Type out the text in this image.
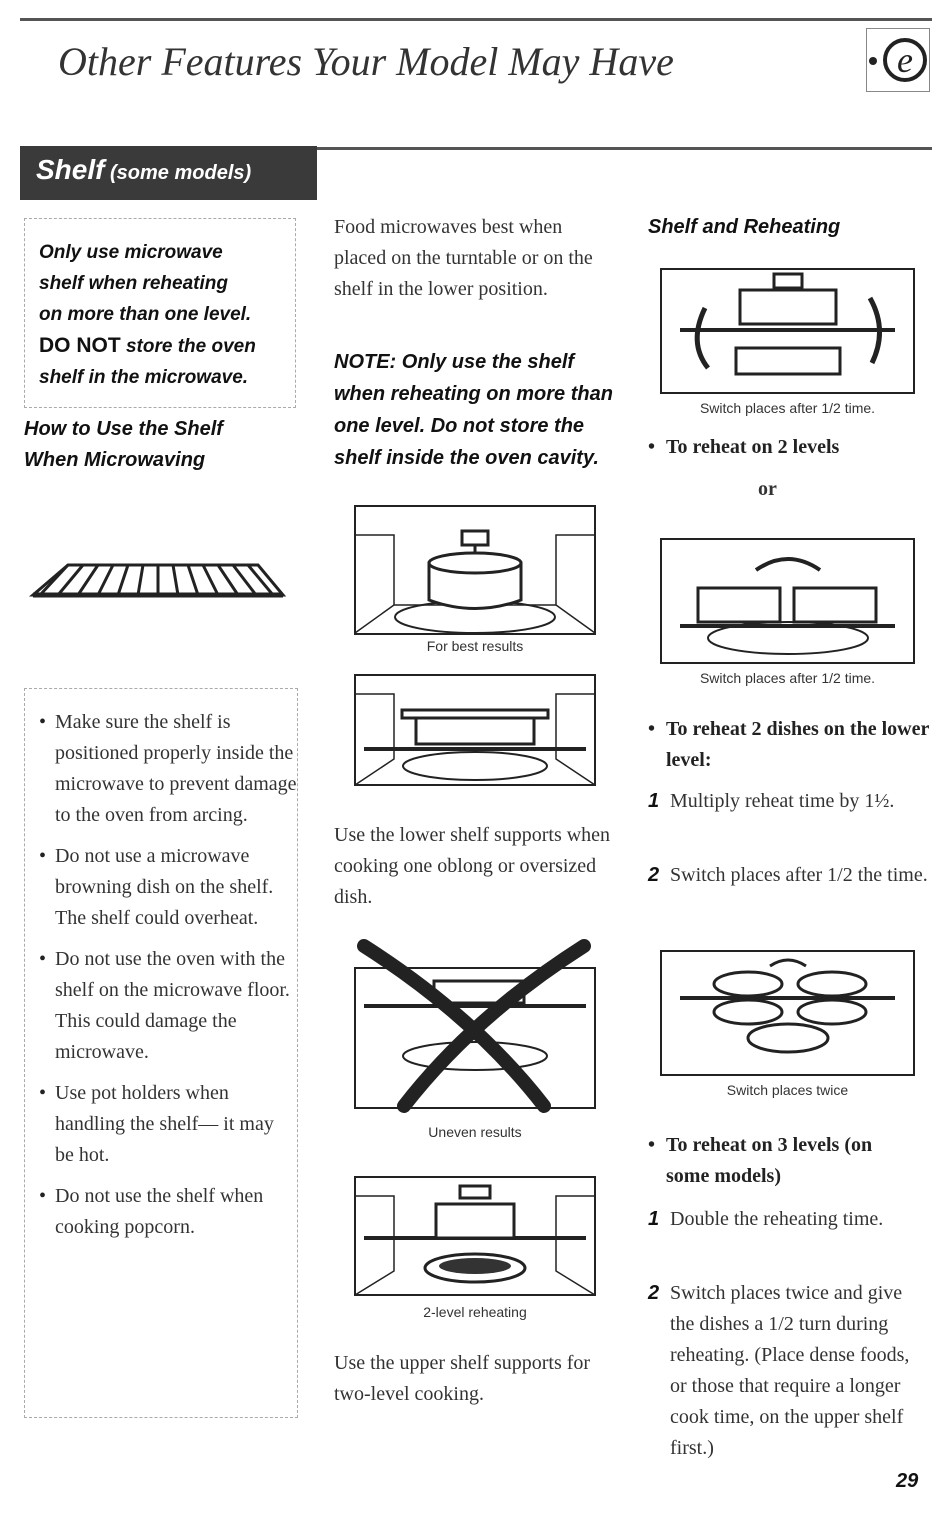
Other Features Your Model May Have	e
Shelf (some models)

Only use microwave

shelf when reheating

on more than one level.

DO NOT store the oven

shelf in the microwave.

How to Use the Shelf
When Microwaving
• Make sure the shelf is positioned properly inside the microwave to prevent damage to the oven from arcing.
• Do not use a microwave browning dish on the shelf. The shelf could overheat.
• Do not use the oven with the shelf on the microwave floor. This could damage the microwave.
• Use pot holders when handling the shelf— it may be hot.
• Do not use the shelf when cooking popcorn.
Food microwaves best when placed on the turntable or on the shelf in the lower position.
NOTE: Only use the shelf when reheating on more than one level. Do not store the shelf inside the oven cavity.
For best results
Use the lower shelf supports when cooking one oblong or oversized dish.
Uneven results
2-level reheating
Use the upper shelf supports for two-level cooking.
Shelf and Reheating
Switch places after 1/2 time.
• To reheat on 2 levels
or
Switch places after 1/2 time.
• To reheat 2 dishes on the lower level:
1 Multiply reheat time by 1½.
2 Switch places after 1/2 the time.
Switch places twice
• To reheat on 3 levels (on some models)
1 Double the reheating time.
2 Switch places twice and give the dishes a 1/2 turn during reheating. (Place dense foods, or those that require a longer cook time, on the upper shelf first.)
29
